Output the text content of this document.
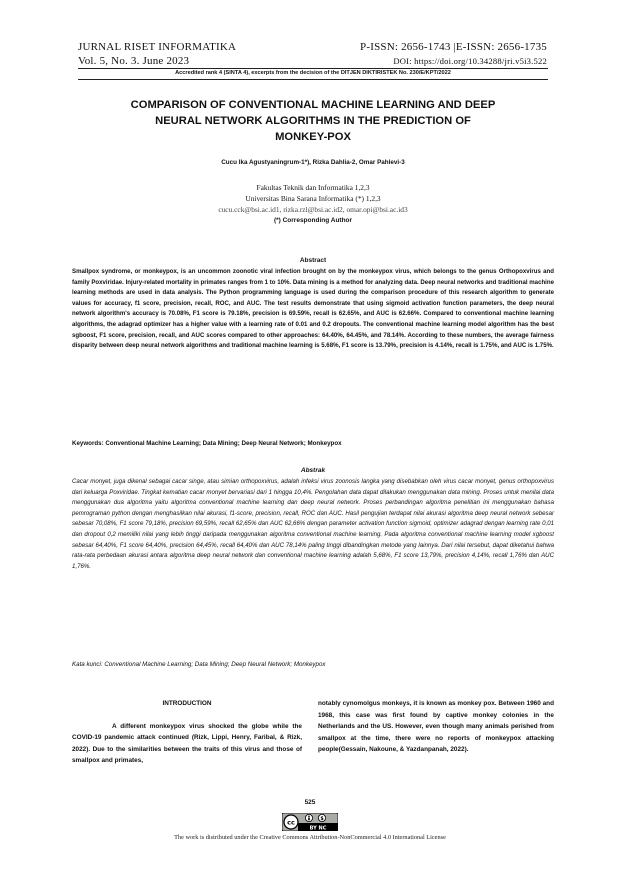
JURNAL RISET INFORMATIKA
Vol. 5, No. 3. June 2023
P-ISSN: 2656-1743 |E-ISSN: 2656-1735
DOI: https://doi.org/10.34288/jri.v5i3.522
Accredited rank 4 (SINTA 4), excerpts from the decision of the DITJEN DIKTIRISTEK No. 230/E/KPT/2022
COMPARISON OF CONVENTIONAL MACHINE LEARNING AND DEEP
NEURAL NETWORK ALGORITHMS IN THE PREDICTION OF
MONKEY-POX
Cucu Ika Agustyaningrum-1*), Rizka Dahlia-2, Omar Pahlevi-3
Fakultas Teknik dan Informatika 1,2,3
Universitas Bina Sarana Informatika (*) 1,2,3
cucu.cck@bsi.ac.id1, rizka.rzl@bsi.ac.id2, omar.opi@bsi.ac.id3
(*) Corresponding Author
Abstract
Smallpox syndrome, or monkeypox, is an uncommon zoonotic viral infection brought on by the monkeypox virus, which belongs to the genus Orthopoxvirus and family Poxviridae. Injury-related mortality in primates ranges from 1 to 10%. Data mining is a method for analyzing data. Deep neural networks and traditional machine learning methods are used in data analysis. The Python programming language is used during the comparison procedure of this research algorithm to generate values for accuracy, f1 score, precision, recall, ROC, and AUC. The test results demonstrate that using sigmoid activation function parameters, the deep neural network algorithm's accuracy is 70.08%, F1 score is 79.18%, precision is 69.59%, recall is 62.65%, and AUC is 62.66%. Compared to conventional machine learning algorithms, the adagrad optimizer has a higher value with a learning rate of 0.01 and 0.2 dropouts. The conventional machine learning model algorithm has the best sgboost, F1 score, precision, recall, and AUC scores compared to other approaches: 64.40%, 64.45%, and 78.14%. According to these numbers, the average fairness disparity between deep neural network algorithms and traditional machine learning is 5.68%, F1 score is 13.79%, precision is 4.14%, recall is 1.75%, and AUC is 1.75%.
Keywords: Conventional Machine Learning; Data Mining; Deep Neural Network; Monkeypox
Abstrak
Cacar monyet, juga dikenal sebagai cacar singe, atau simian orthopoxvirus, adalah infeksi virus zoonosis langka yang disebabkan oleh virus cacar monyet, genus orthopoxvirus dari keluarga Poxviridae. Tingkat kematian cacar monyet bervariasi dari 1 hingga 10,4%. Pengolahan data dapat dilakukan menggunakan data mining. Proses untuk menilai data menggunakan dua algoritma yaitu algoritma conventional machine learning dan deep neural network. Proses perbandingan algoritma penelitian ini menggunakan bahasa pemrograman python dengan menghasilkan nilai akurasi, f1-score, precision, recall, ROC dan AUC. Hasil pengujian terdapat nilai akurasi algoritma deep neural network sebesar sebesar 70,08%, F1 score 79,18%, precision 69,59%, recall 62,65% dan AUC 62,66% dengan parameter activation function sigmoid, optimizer adagrad dengan learning rate 0,01 dan dropout 0,2 memiliki nilai yang lebih tinggi daripada menggunakan algoritma conventional machine learning. Pada algoritma conventional machine learning model xgboost sebesar 64,40%, F1 score 64,40%, precision 64,45%, recall 64,40% dan AUC 78,14% paling tinggi dibandingkan metode yang lainnya. Dari nilai tersebut, dapat diketahui bahwa rata-rata perbedaan akurasi antara algoritma deep neural network dan conventional machine learning adalah 5,68%, F1 score 13,79%, precision 4,14%, recall 1,76% dan AUC 1,76%.
Kata kunci: Conventional Machine Learning; Data Mining; Deep Neural Network; Monkeypox
INTRODUCTION

A different monkeypox virus shocked the globe while the COVID-19 pandemic attack continued (Rizk, Lippi, Henry, Faribal, & Rizk, 2022). Due to the similarities between the traits of this virus and those of smallpox and primates,

notably cynomolgus monkeys, it is known as monkey pox. Between 1960 and 1968, this case was first found by captive monkey colonies in the Netherlands and the US. However, even though many animals perished from smallpox at the time, there were no reports of monkeypox attacking people(Gessain, Nakoune, & Yazdanpanah, 2022).

525
cc	$
BY NC
The work is distributed under the Creative Commons Attribution-NonCommercial 4.0 International License
